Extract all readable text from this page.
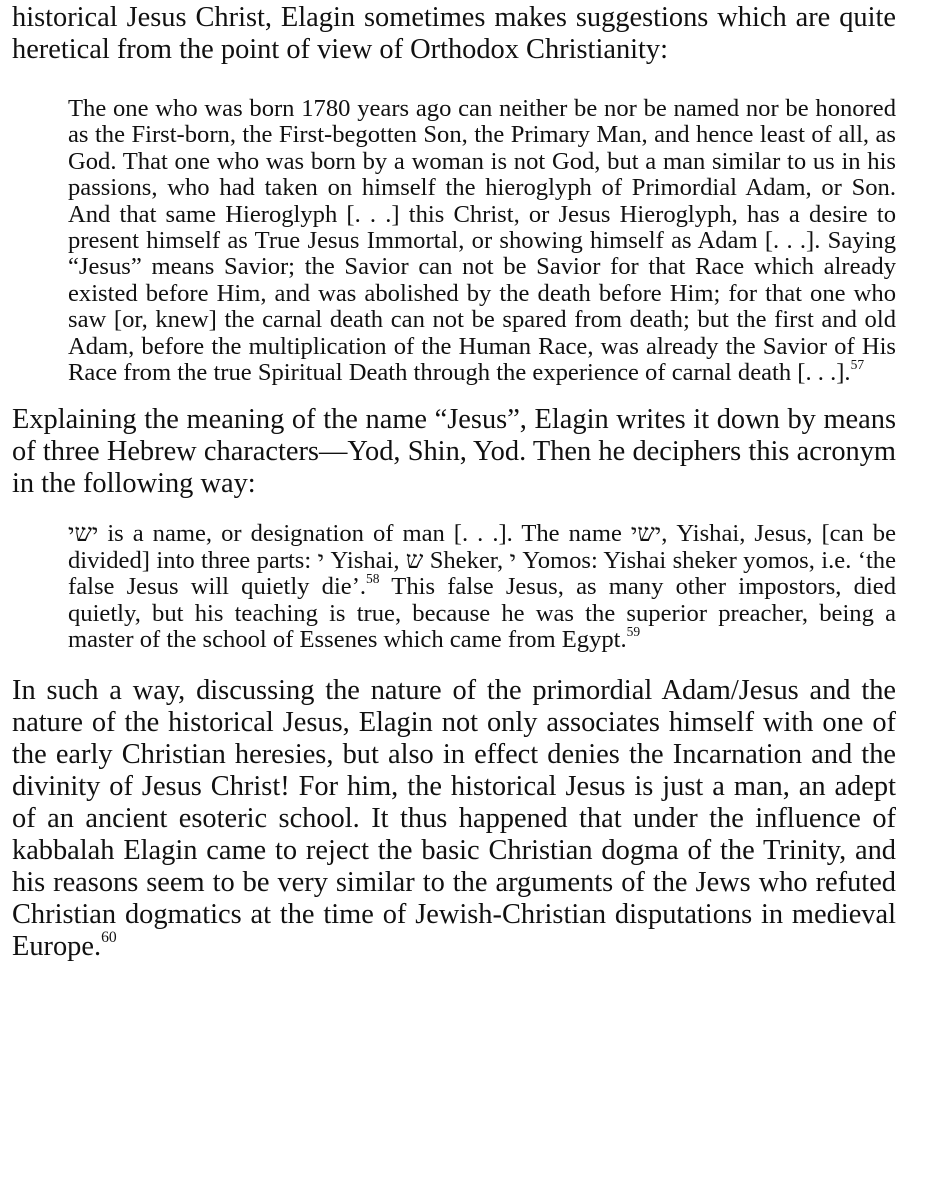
historical Jesus Christ, Elagin sometimes makes suggestions which are quite heretical from the point of view of Orthodox Christianity:

The one who was born 1780 years ago can neither be nor be named nor be honored as the First-born, the First-begotten Son, the Primary Man, and hence least of all, as God. That one who was born by a woman is not God, but a man similar to us in his passions, who had taken on himself the hieroglyph of Primordial Adam, or Son. And that same Hieroglyph [. . .] this Christ, or Jesus Hieroglyph, has a desire to present himself as True Jesus Immortal, or showing himself as Adam [. . .]. Saying “Jesus” means Savior; the Savior can not be Savior for that Race which already existed before Him, and was abolished by the death before Him; for that one who saw [or, knew] the carnal death can not be spared from death; but the first and old Adam, before the multiplication of the Human Race, was already the Savior of His Race from the true Spiritual Death through the experience of carnal death [. . .].$^{57}$

Explaining the meaning of the name “Jesus”, Elagin writes it down by means of three Hebrew characters—Yod, Shin, Yod. Then he deciphers this acronym in the following way:

ישי is a name, or designation of man [. . .]. The name ישי, Yishai, Jesus, [can be divided] into three parts: י Yishai, ש Sheker, י Yomos: Yishai sheker yomos, i.e. ‘the false Jesus will quietly die’.$^{58}$ This false Jesus, as many other impostors, died quietly, but his teaching is true, because he was the superior preacher, being a master of the school of Essenes which came from Egypt.$^{59}$

In such a way, discussing the nature of the primordial Adam/Jesus and the nature of the historical Jesus, Elagin not only associates himself with one of the early Christian heresies, but also in effect denies the Incarnation and the divinity of Jesus Christ! For him, the historical Jesus is just a man, an adept of an ancient esoteric school. It thus happened that under the influence of kabbalah Elagin came to reject the basic Christian dogma of the Trinity, and his reasons seem to be very similar to the arguments of the Jews who refuted Christian dogmatics at the time of Jewish-Christian disputations in medieval Europe.$^{60}$
